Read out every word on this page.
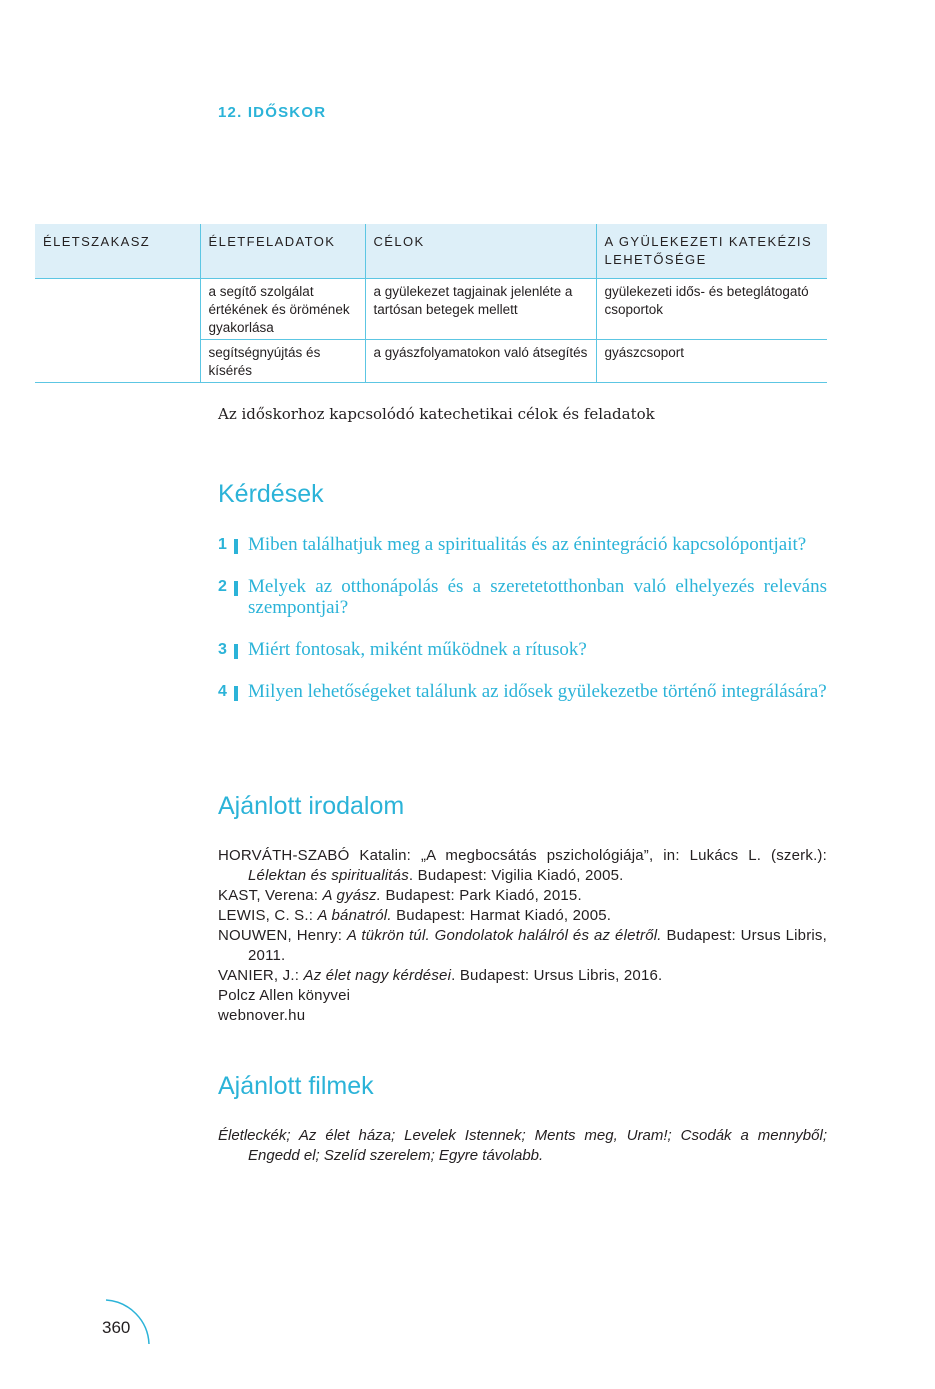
12. IDŐSKOR
ÉLETSZAKASZ	ÉLETFELADATOK	CÉLOK	A GYÜLEKEZETI KATEKÉZIS LEHETŐSÉGE
	a segítő szolgálat értékének és örömének gyakorlása	a gyülekezet tagjainak jelenléte a tartósan betegek mellett	gyülekezeti idős- és beteglátogató csoportok
	segítségnyújtás és kísérés	a gyászfolyamatokon való átsegítés	gyászcsoport
Az időskorhoz kapcsolódó katechetikai célok és feladatok
Kérdések
1 Miben találhatjuk meg a spiritualitás és az énintegráció kapcsolópontjait?
2 Melyek az otthonápolás és a szeretetotthonban való elhelyezés releváns szempontjai?
3 Miért fontosak, miként működnek a rítusok?
4 Milyen lehetőségeket találunk az idősek gyülekezetbe történő integrálására?
Ajánlott irodalom
HORVÁTH-SZABÓ Katalin: „A megbocsátás pszichológiája”, in: Lukács L. (szerk.): Lélektan és spiritualitás. Budapest: Vigilia Kiadó, 2005.
KAST, Verena: A gyász. Budapest: Park Kiadó, 2015.
LEWIS, C. S.: A bánatról. Budapest: Harmat Kiadó, 2005.
NOUWEN, Henry: A tükrön túl. Gondolatok halálról és az életről. Budapest: Ursus Libris, 2011.
VANIER, J.: Az élet nagy kérdései. Budapest: Ursus Libris, 2016.
Polcz Allen könyvei
webnover.hu
Ajánlott filmek

Életleckék; Az élet háza; Levelek Istennek; Ments meg, Uram!; Csodák a mennyből; Engedd el; Szelíd szerelem; Egyre távolabb.

360
